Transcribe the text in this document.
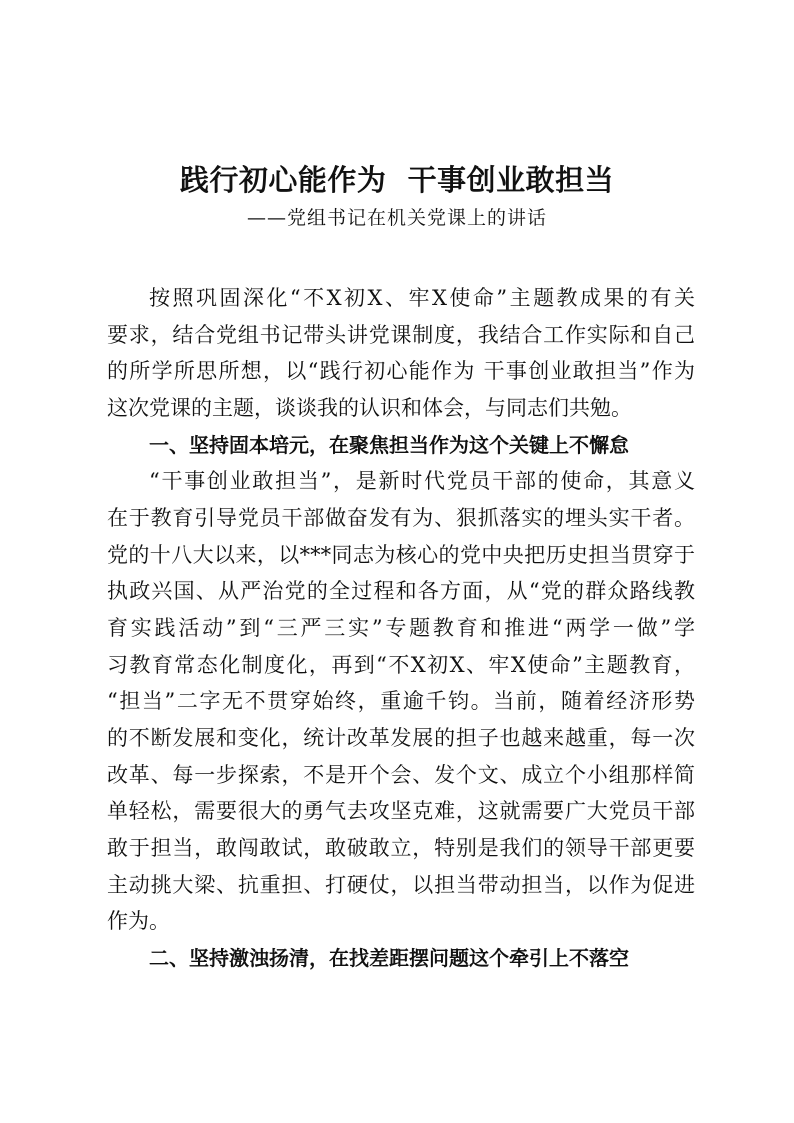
践行初心能作为  干事创业敢担当
——党组书记在机关党课上的讲话
按照巩固深化“不X初X、牢X使命”主题教成果的有关
要求，结合党组书记带头讲党课制度，我结合工作实际和自己
的所学所思所想，以“践行初心能作为 干事创业敢担当”作为
这次党课的主题，谈谈我的认识和体会，与同志们共勉。
一、坚持固本培元，在聚焦担当作为这个关键上不懈怠
“干事创业敢担当”，是新时代党员干部的使命，其意义
在于教育引导党员干部做奋发有为、狠抓落实的埋头实干者。
党的十八大以来，以***同志为核心的党中央把历史担当贯穿于
执政兴国、从严治党的全过程和各方面，从“党的群众路线教
育实践活动”到“三严三实”专题教育和推进“两学一做”学
习教育常态化制度化，再到“不X初X、牢X使命”主题教育，
“担当”二字无不贯穿始终，重逾千钧。当前，随着经济形势
的不断发展和变化，统计改革发展的担子也越来越重，每一次
改革、每一步探索，不是开个会、发个文、成立个小组那样简
单轻松，需要很大的勇气去攻坚克难，这就需要广大党员干部
敢于担当，敢闯敢试，敢破敢立，特别是我们的领导干部更要
主动挑大梁、抗重担、打硬仗，以担当带动担当，以作为促进
作为。
二、坚持激浊扬清，在找差距摆问题这个牵引上不落空
